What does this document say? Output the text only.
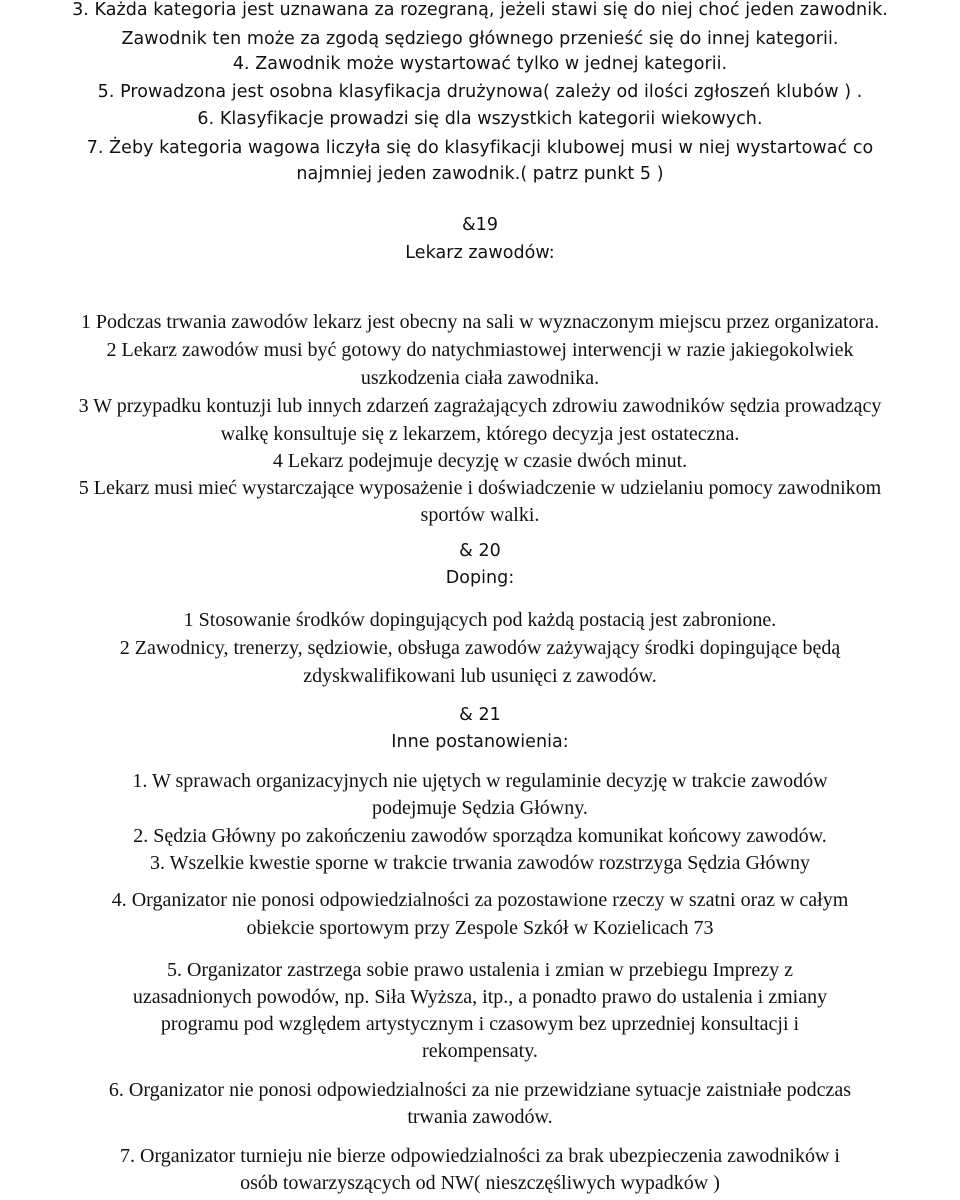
3. Każda kategoria jest uznawana za rozegraną, jeżeli stawi się do niej choć jeden zawodnik.
Zawodnik ten może za zgodą sędziego głównego przenieść się do innej kategorii.
4. Zawodnik może wystartować tylko w jednej kategorii.
5. Prowadzona jest osobna klasyfikacja drużynowa( zależy od ilości zgłoszeń klubów ) .
6. Klasyfikacje prowadzi się dla wszystkich kategorii wiekowych.
7. Żeby kategoria wagowa liczyła się do klasyfikacji klubowej musi w niej wystartować co
najmniej jeden zawodnik.( patrz punkt 5 )
&19
Lekarz zawodów:
1 Podczas trwania zawodów lekarz jest obecny na sali w wyznaczonym miejscu przez organizatora.
2 Lekarz zawodów musi być gotowy do natychmiastowej interwencji w razie jakiegokolwiek
uszkodzenia ciała zawodnika.
3 W przypadku kontuzji lub innych zdarzeń zagrażających zdrowiu zawodników sędzia prowadzący
walkę konsultuje się z lekarzem, którego decyzja jest ostateczna.
4 Lekarz podejmuje decyzję w czasie dwóch minut.
5 Lekarz musi mieć wystarczające wyposażenie i doświadczenie w udzielaniu pomocy zawodnikom
sportów walki.
& 20
Doping:
1 Stosowanie środków dopingujących pod każdą postacią jest zabronione.
2 Zawodnicy, trenerzy, sędziowie, obsługa zawodów zażywający środki dopingujące będą
zdyskwalifikowani lub usunięci z zawodów.
& 21
Inne postanowienia:
1. W sprawach organizacyjnych nie ujętych w regulaminie decyzję w trakcie zawodów
podejmuje Sędzia Główny.
2. Sędzia Główny po zakończeniu zawodów sporządza komunikat końcowy zawodów.
3. Wszelkie kwestie sporne w trakcie trwania zawodów rozstrzyga Sędzia Główny
4. Organizator nie ponosi odpowiedzialności za pozostawione rzeczy w szatni oraz w całym
obiekcie sportowym przy Zespole Szkół w Kozielicach 73
5. Organizator zastrzega sobie prawo ustalenia i zmian w przebiegu Imprezy z
uzasadnionych powodów, np. Siła Wyższa, itp., a ponadto prawo do ustalenia i zmiany
programu pod względem artystycznym i czasowym bez uprzedniej konsultacji i
rekompensaty.
6. Organizator nie ponosi odpowiedzialności za nie przewidziane sytuacje zaistniałe podczas
trwania zawodów.
7. Organizator turnieju nie bierze odpowiedzialności za brak ubezpieczenia zawodników i
osób towarzyszących od NW( nieszczęśliwych wypadków )
